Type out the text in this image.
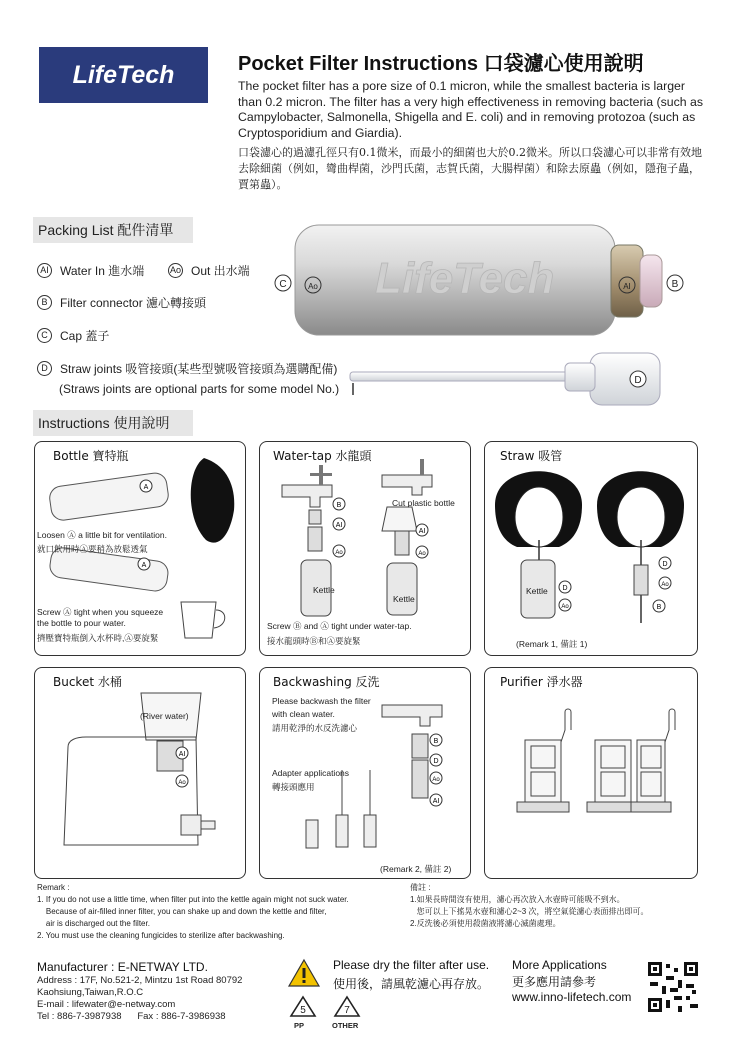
LifeTech	Pocket Filter Instructions 口袋濾心使用說明
The pocket filter has a pore size of 0.1 micron, while the smallest bacteria is larger than 0.2 micron. The filter has a very high effectiveness in removing bacteria (such as Campylobacter, Salmonella, Shigella and E. coli) and in removing protozoa (such as Cryptosporidium and Giardia).
口袋濾心的過濾孔徑只有0.1微米，而最小的細菌也大於0.2微米。所以口袋濾心可以非常有效地去除細菌（例如，彎曲桿菌，沙門氏菌，志賀氏菌，大腸桿菌）和除去原蟲（例如，隱孢子蟲，賈第蟲）。
Packing List 配件清單
AI Water In 進水端	Ao Out 出水端
B	Filter connector 濾心轉接頭
C	Cap 蓋子
D	Straw joints 吸管接頭(某些型號吸管接頭為選購配備)
(Straws joints are optional parts for some model No.)
LifeTech
C	Ao	AI	B
D
Instructions 使用說明
Bottle 寶特瓶
A
A
Loosen Ⓐ a little bit for ventilation.
就口飲用時Ⓐ要稍為放鬆透氣
Screw Ⓐ tight when you squeeze
the bottle to pour water.
擠壓寶特瓶倒入水杯時,Ⓐ要旋緊
Water-tap 水龍頭
B
AI
Ao
AI
Ao
Cut plastic bottle
Kettle
Kettle
Screw Ⓑ and Ⓐ tight under water-tap.
接水龍頭時Ⓑ和Ⓐ要旋緊
Straw 吸管
D
Ao
D
Ao
B
Kettle
(Remark 1, 備註 1)
Bucket 水桶
AI
Ao
(River water)
Backwashing 反洗
Please backwash the filter
with clean water.
請用乾淨的水反洗濾心
Adapter applications
轉接頭應用
B
D
Ao
AI
(Remark 2, 備註 2)
Purifier 淨水器
Remark :
1. If you do not use a little time, when filter put into the kettle again might not suck water.
Because of air-filled inner filter, you can shake up and down the kettle and filter,
air is discharged out the filter.
2. You must use the cleaning fungicides to sterilize after backwashing.
備註 :
1.如果長時間沒有使用，濾心再次放入水壺時可能吸不到水。
您可以上下搖晃水壺和濾心2~3 次，將空氣從濾心表面排出即可。
2.反洗後必須使用殺菌液將濾心滅菌處理。
Manufacturer : E-NETWAY LTD.
Address : 17F, No.521-2, Mintzu 1st Road 80792
Kaohsiung,Taiwan,R.O.C
E-mail : lifewater@e-netway.com
Tel : 886-7-3987938      Fax : 886-7-3986938
Please dry the filter after use.
使用後，請風乾濾心再存放。
5
PP
7
OTHER
More Applications
更多應用請參考
www.inno-lifetech.com
